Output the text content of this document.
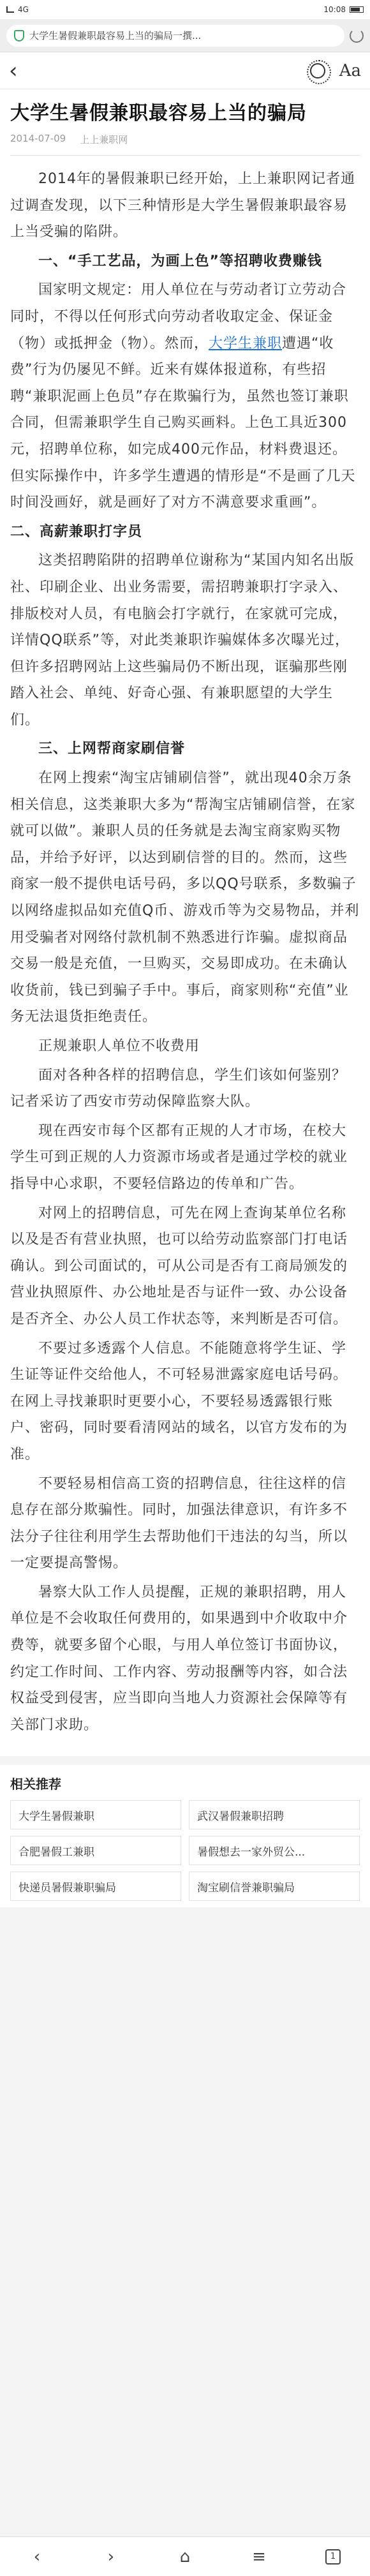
4G	10:08
大学生暑假兼职最容易上当的骗局一撰...
‹	Aa
大学生暑假兼职最容易上当的骗局
2014-07-09 上上兼职网

2014年的暑假兼职已经开始，上上兼职网记者通过调查发现，以下三种情形是大学生暑假兼职最容易上当受骗的陷阱。

一、“手工艺品，为画上色”等招聘收费赚钱

国家明文规定：用人单位在与劳动者订立劳动合同时，不得以任何形式向劳动者收取定金、保证金（物）或抵押金（物）。然而，大学生兼职遭遇“收费”行为仍屡见不鲜。近来有媒体报道称，有些招聘“兼职泥画上色员”存在欺骗行为，虽然也签订兼职合同，但需兼职学生自己购买画料。上色工具近300元，招聘单位称，如完成400元作品，材料费退还。但实际操作中，许多学生遭遇的情形是“不是画了几天时间没画好，就是画好了对方不满意要求重画”。

二、高薪兼职打字员

这类招聘陷阱的招聘单位谢称为“某国内知名出版社、印刷企业、出业务需要，需招聘兼职打字录入、排版校对人员，有电脑会打字就行，在家就可完成，详情QQ联系”等，对此类兼职诈骗媒体多次曝光过，但许多招聘网站上这些骗局仍不断出现，诓骗那些刚踏入社会、单纯、好奇心强、有兼职愿望的大学生们。

三、上网帮商家刷信誉

在网上搜索“淘宝店铺刷信誉”，就出现40余万条相关信息，这类兼职大多为“帮淘宝店铺刷信誉，在家就可以做”。兼职人员的任务就是去淘宝商家购买物品，并给予好评，以达到刷信誉的目的。然而，这些商家一般不提供电话号码，多以QQ号联系，多数骗子以网络虚拟品如充值Q币、游戏币等为交易物品，并利用受骗者对网络付款机制不熟悉进行诈骗。虚拟商品交易一般是充值，一旦购买，交易即成功。在未确认收货前，钱已到骗子手中。事后，商家则称“充值”业务无法退货拒绝责任。

正规兼职人单位不收费用

面对各种各样的招聘信息，学生们该如何鉴别？记者采访了西安市劳动保障监察大队。

现在西安市每个区都有正规的人才市场，在校大学生可到正规的人力资源市场或者是通过学校的就业指导中心求职，不要轻信路边的传单和广告。

对网上的招聘信息，可先在网上查询某单位名称以及是否有营业执照，也可以给劳动监察部门打电话确认。到公司面试的，可从公司是否有工商局颁发的营业执照原件、办公地址是否与证件一致、办公设备是否齐全、办公人员工作状态等，来判断是否可信。

不要过多透露个人信息。不能随意将学生证、学生证等证件交给他人，不可轻易泄露家庭电话号码。在网上寻找兼职时更要小心，不要轻易透露银行账户、密码，同时要看清网站的域名，以官方发布的为准。

不要轻易相信高工资的招聘信息，往往这样的信息存在部分欺骗性。同时，加强法律意识，有许多不法分子往往利用学生去帮助他们干违法的勾当，所以一定要提高警惕。

暑察大队工作人员提醒，正规的兼职招聘，用人单位是不会收取任何费用的，如果遇到中介收取中介费等，就要多留个心眼，与用人单位签订书面协议，约定工作时间、工作内容、劳动报酬等内容，如合法权益受到侵害，应当即向当地人力资源社会保障等有关部门求助。

相关推荐
大学生暑假兼职	武汉暑假兼职招聘
合肥暑假工兼职	暑假想去一家外贸公...
快递员暑假兼职骗局	淘宝刷信誉兼职骗局
‹	›	⌂	≡	1
